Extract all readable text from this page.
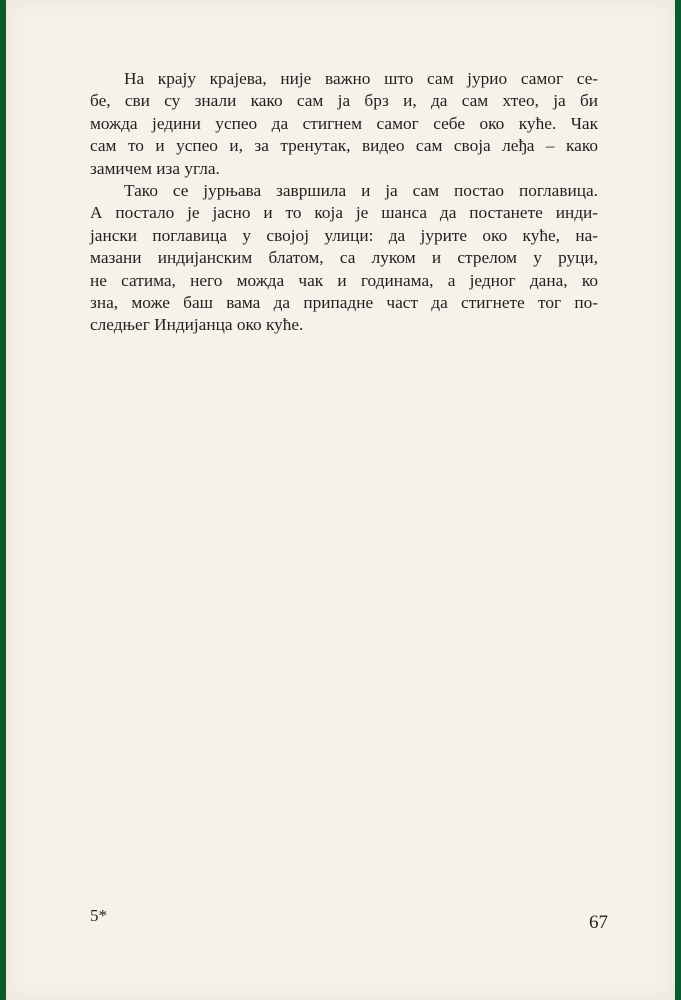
На крају крајева, није важно што сам јурио самог се-
бе, сви су знали како сам ја брз и, да сам хтео, ја би
можда једини успео да стигнем самог себе око куће. Чак
сам то и успео и, за тренутак, видео сам своја леђа – како
замичем иза угла.
Тако се јурњава завршила и ја сам постао поглавица.
А постало је јасно и то која је шанса да постанете инди-
јански поглавица у својој улици: да јурите око куће, на-
мазани индијанским блатом, са луком и стрелом у руци,
не сатима, него можда чак и годинама, а једног дана, ко
зна, може баш вама да припадне част да стигнете тог по-
следњег Индијанца око куће.
5*	67
